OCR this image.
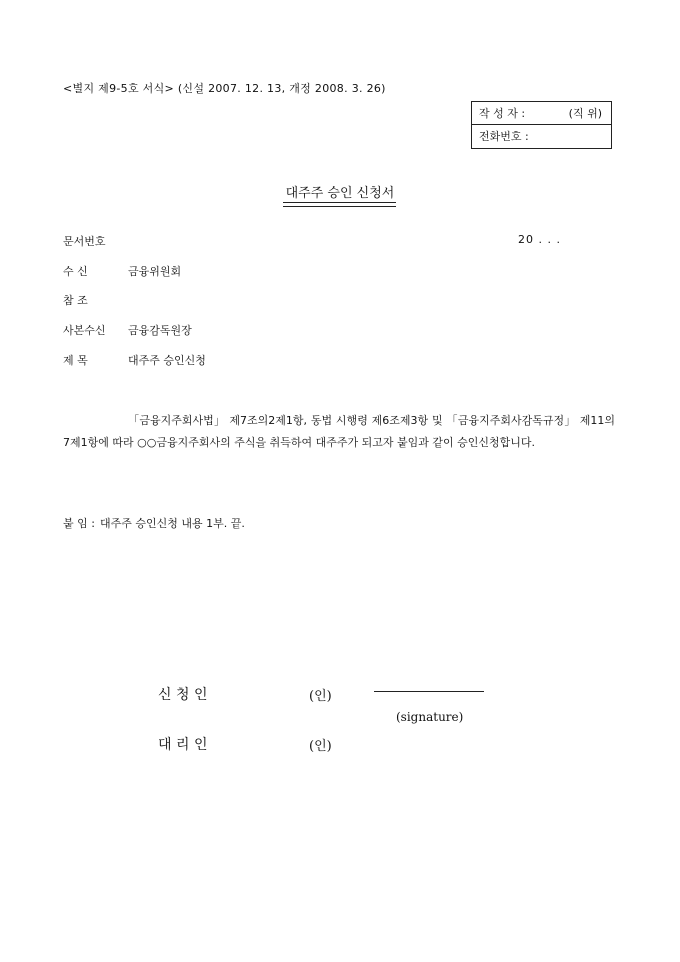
<별지 제9-5호 서식> (신설 2007. 12. 13, 개정 2008. 3. 26)
작 성 자 :	(직 위)
전화번호 :
대주주 승인 신청서
문서번호	20 . . .
수 신	금융위원회
참 조
사본수신 금융감독원장
제 목	대주주 승인신청
「금융지주회사법」 제7조의2제1항, 동법 시행령 제6조제3항 및 「금융지주회사감독규정」 제11의7제1항에 따라 ○○금융지주회사의 주식을 취득하여 대주주가 되고자 붙임과 같이 승인신청합니다.
붙 임 : 대주주 승인신청 내용 1부. 끝.
신 청 인	(인)
(signature)
대 리 인	(인)
